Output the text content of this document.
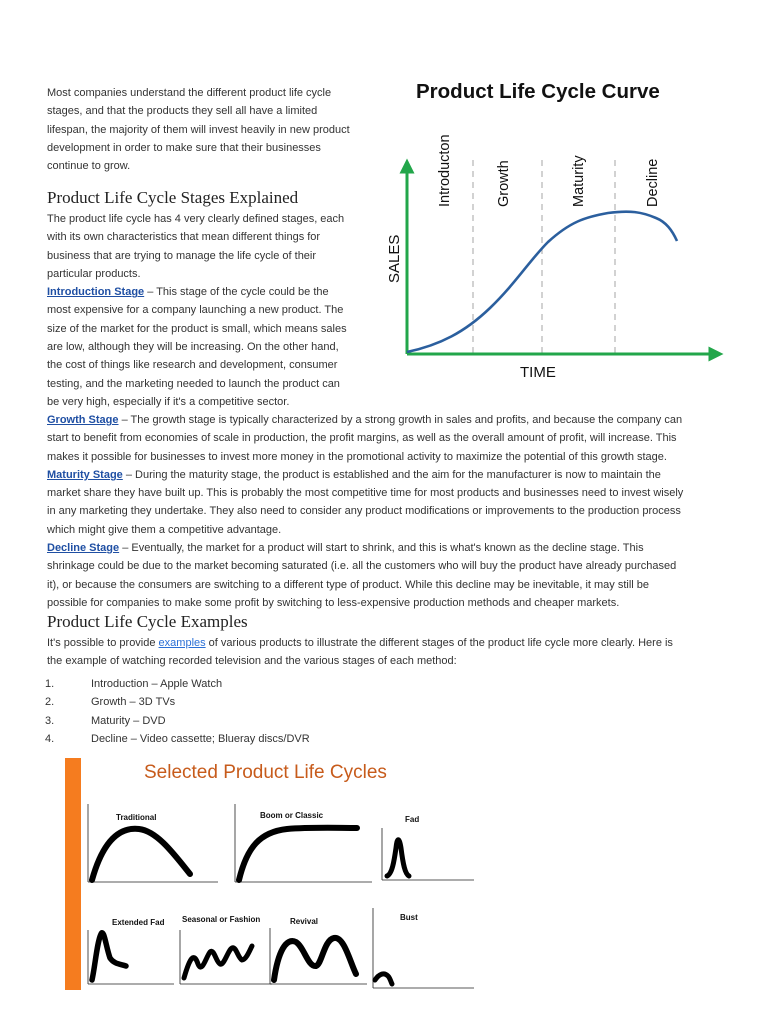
Most companies understand the different product life cycle

stages, and that the products they sell all have a limited

lifespan, the majority of them will invest heavily in new product

development in order to make sure that their businesses

continue to grow.

Product Life Cycle Stages Explained

The product life cycle has 4 very clearly defined stages, each

with its own characteristics that mean different things for

business that are trying to manage the life cycle of their

particular products.

Introduction Stage – This stage of the cycle could be the

most expensive for a company launching a new product. The

size of the market for the product is small, which means sales

are low, although they will be increasing. On the other hand,

the cost of things like research and development, consumer

testing, and the marketing needed to launch the product can

be very high, especially if it's a competitive sector.

Growth Stage – The growth stage is typically characterized by a strong growth in sales and profits, and because the company can

start to benefit from economies of scale in production, the profit margins, as well as the overall amount of profit, will increase. This

makes it possible for businesses to invest more money in the promotional activity to maximize the potential of this growth stage.

Maturity Stage – During the maturity stage, the product is established and the aim for the manufacturer is now to maintain the

market share they have built up. This is probably the most competitive time for most products and businesses need to invest wisely

in any marketing they undertake. They also need to consider any product modifications or improvements to the production process

which might give them a competitive advantage.

Decline Stage – Eventually, the market for a product will start to shrink, and this is what's known as the decline stage. This

shrinkage could be due to the market becoming saturated (i.e. all the customers who will buy the product have already purchased

it), or because the consumers are switching to a different type of product. While this decline may be inevitable, it may still be

possible for companies to make some profit by switching to less-expensive production methods and cheaper markets.

Product Life Cycle Examples

It's possible to provide examples of various products to illustrate the different stages of the product life cycle more clearly. Here is

the example of watching recorded television and the various stages of each method:

1.	Introduction – Apple Watch
2.	Growth – 3D TVs
3.	Maturity – DVD
4.	Decline – Video cassette; Blueray discs/DVR
Product Life Cycle Curve
Introducton	Growth	Maturity	Decline
SALES
TIME
Selected Product Life Cycles
Traditional	Boom or Classic	Fad
Extended Fad Seasonal or Fashion	Revival	Bust
